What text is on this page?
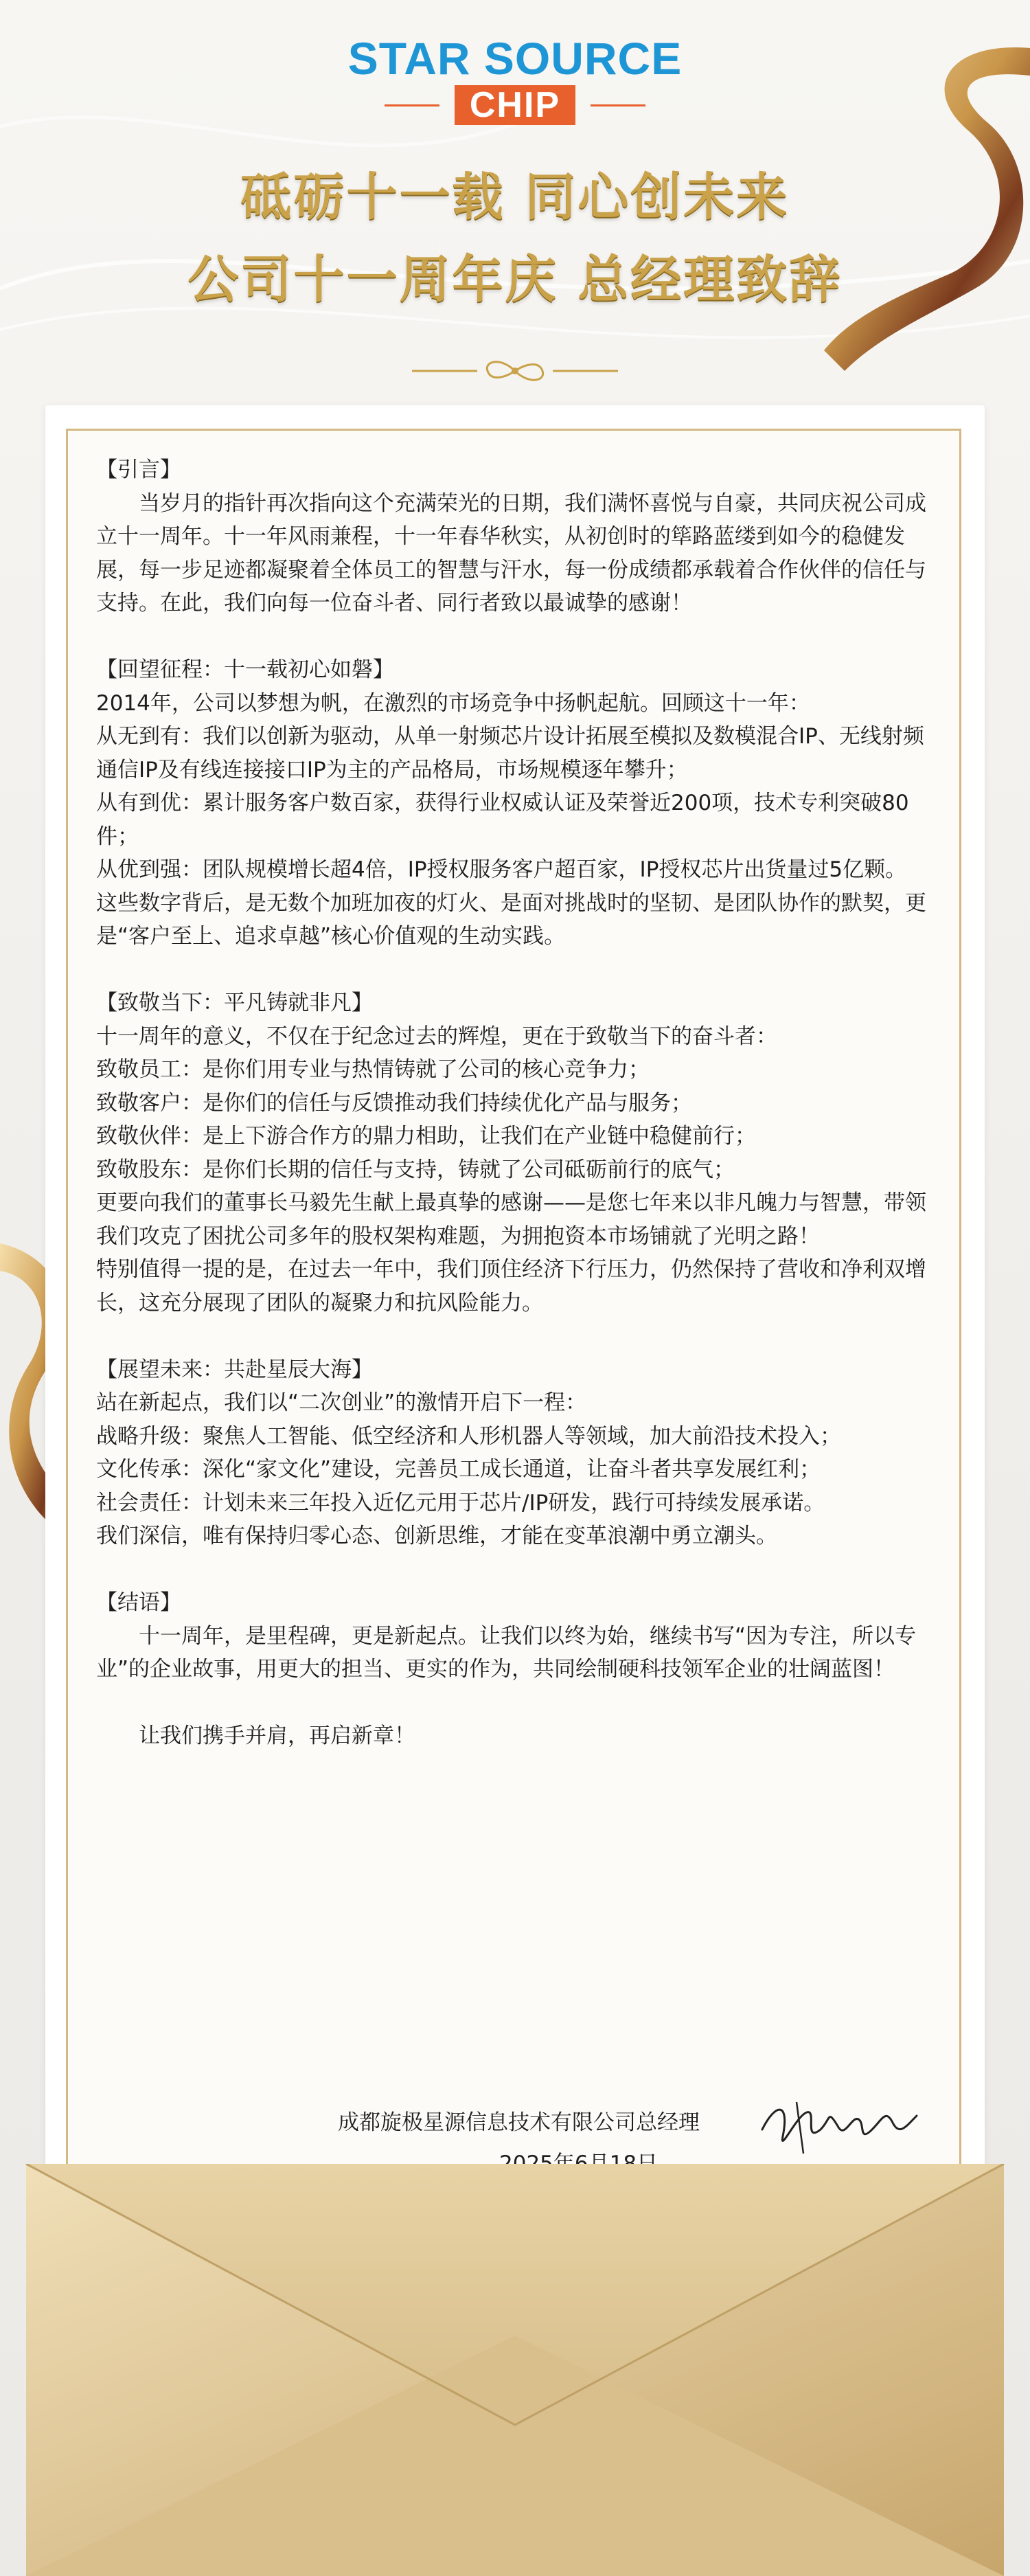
STAR SOURCE
CHIP
砥砺十一载 同心创未来
公司十一周年庆 总经理致辞

【引言】

当岁月的指针再次指向这个充满荣光的日期，我们满怀喜悦与自豪，共同庆祝公司成立十一周年。十一年风雨兼程，十一年春华秋实，从初创时的筚路蓝缕到如今的稳健发展，每一步足迹都凝聚着全体员工的智慧与汗水，每一份成绩都承载着合作伙伴的信任与支持。在此，我们向每一位奋斗者、同行者致以最诚挚的感谢！

【回望征程：十一载初心如磐】

2014年，公司以梦想为帆，在激烈的市场竞争中扬帆起航。回顾这十一年：

从无到有：我们以创新为驱动，从单一射频芯片设计拓展至模拟及数模混合IP、无线射频通信IP及有线连接接口IP为主的产品格局，市场规模逐年攀升；

从有到优：累计服务客户数百家，获得行业权威认证及荣誉近200项，技术专利突破80件；

从优到强：团队规模增长超4倍，IP授权服务客户超百家，IP授权芯片出货量过5亿颗。

这些数字背后，是无数个加班加夜的灯火、是面对挑战时的坚韧、是团队协作的默契，更是“客户至上、追求卓越”核心价值观的生动实践。

【致敬当下：平凡铸就非凡】

十一周年的意义，不仅在于纪念过去的辉煌，更在于致敬当下的奋斗者：

致敬员工：是你们用专业与热情铸就了公司的核心竞争力；

致敬客户：是你们的信任与反馈推动我们持续优化产品与服务；

致敬伙伴：是上下游合作方的鼎力相助，让我们在产业链中稳健前行；

致敬股东：是你们长期的信任与支持，铸就了公司砥砺前行的底气；

更要向我们的董事长马毅先生献上最真挚的感谢——是您七年来以非凡魄力与智慧，带领我们攻克了困扰公司多年的股权架构难题，为拥抱资本市场铺就了光明之路！

特别值得一提的是，在过去一年中，我们顶住经济下行压力，仍然保持了营收和净利双增长，这充分展现了团队的凝聚力和抗风险能力。

【展望未来：共赴星辰大海】

站在新起点，我们以“二次创业”的激情开启下一程：

战略升级：聚焦人工智能、低空经济和人形机器人等领域，加大前沿技术投入；

文化传承：深化“家文化”建设，完善员工成长通道，让奋斗者共享发展红利；

社会责任：计划未来三年投入近亿元用于芯片/IP研发，践行可持续发展承诺。

我们深信，唯有保持归零心态、创新思维，才能在变革浪潮中勇立潮头。

【结语】

十一周年，是里程碑，更是新起点。让我们以终为始，继续书写“因为专注，所以专业”的企业故事，用更大的担当、更实的作为，共同绘制硬科技领军企业的壮阔蓝图！

让我们携手并肩，再启新章！

成都旋极星源信息技术有限公司总经理
